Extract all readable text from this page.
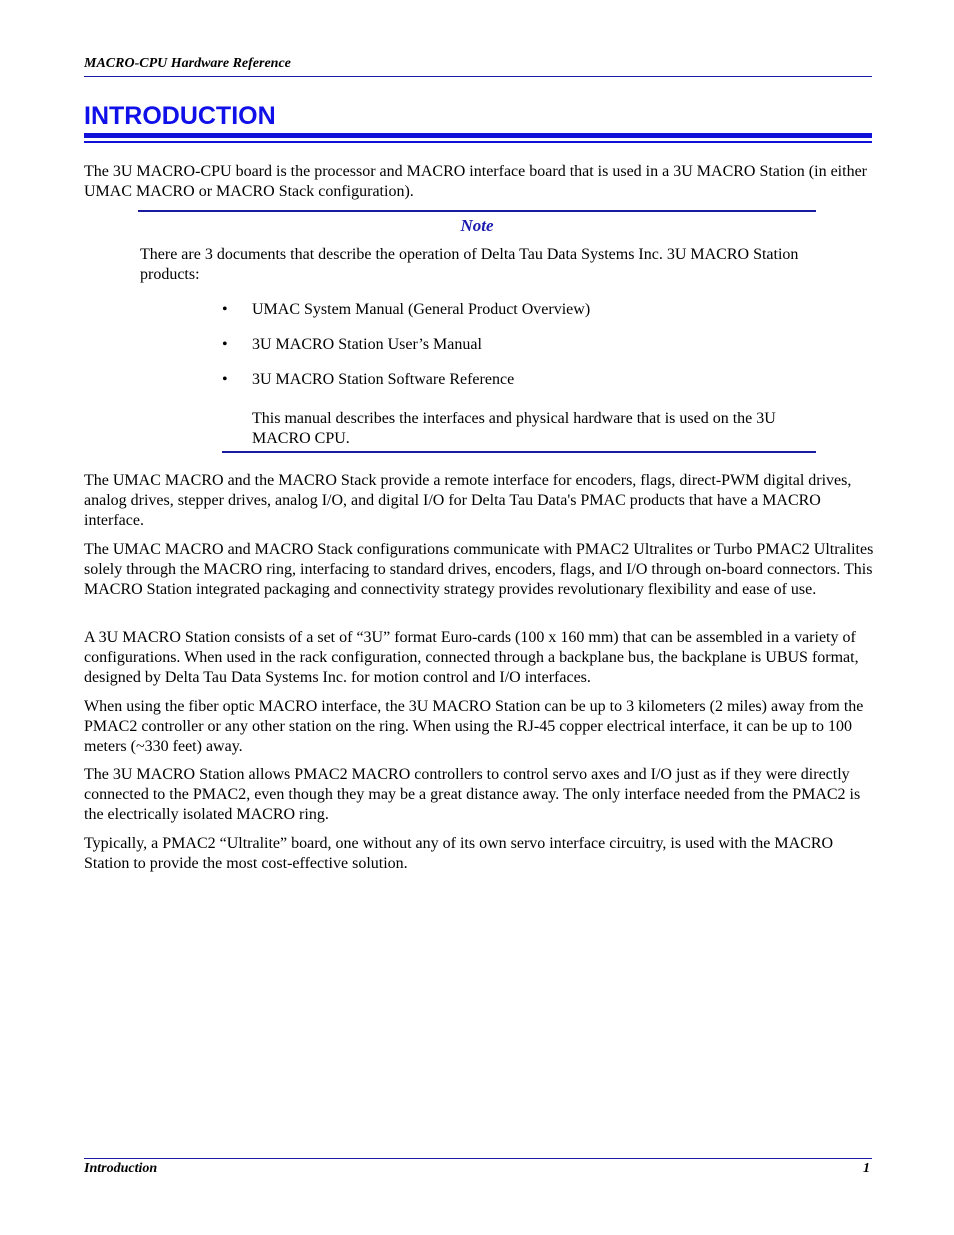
MACRO-CPU Hardware Reference
INTRODUCTION

The 3U MACRO-CPU board is the processor and MACRO interface board that is used in a 3U MACRO Station (in either UMAC MACRO or MACRO Stack configuration).

Note

There are 3 documents that describe the operation of Delta Tau Data Systems Inc. 3U MACRO Station products:

•	UMAC System Manual (General Product Overview)
•	3U MACRO Station User’s Manual
•	3U MACRO Station Software Reference

This manual describes the interfaces and physical hardware that is used on the 3U MACRO CPU.

The UMAC MACRO and the MACRO Stack provide a remote interface for encoders, flags, direct-PWM digital drives, analog drives, stepper drives, analog I/O, and digital I/O for Delta Tau Data's PMAC products that have a MACRO interface.

The UMAC MACRO and MACRO Stack configurations communicate with PMAC2 Ultralites or Turbo PMAC2 Ultralites solely through the MACRO ring, interfacing to standard drives, encoders, flags, and I/O through on-board connectors. This MACRO Station integrated packaging and connectivity strategy provides revolutionary flexibility and ease of use.

A 3U MACRO Station consists of a set of “3U” format Euro-cards (100 x 160 mm) that can be assembled in a variety of configurations. When used in the rack configuration, connected through a backplane bus, the backplane is UBUS format, designed by Delta Tau Data Systems Inc. for motion control and I/O interfaces.

When using the fiber optic MACRO interface, the 3U MACRO Station can be up to 3 kilometers (2 miles) away from the PMAC2 controller or any other station on the ring. When using the RJ-45 copper electrical interface, it can be up to 100 meters (~330 feet) away.

The 3U MACRO Station allows PMAC2 MACRO controllers to control servo axes and I/O just as if they were directly connected to the PMAC2, even though they may be a great distance away. The only interface needed from the PMAC2 is the electrically isolated MACRO ring.

Typically, a PMAC2 “Ultralite” board, one without any of its own servo interface circuitry, is used with the MACRO Station to provide the most cost-effective solution.

Introduction	1
